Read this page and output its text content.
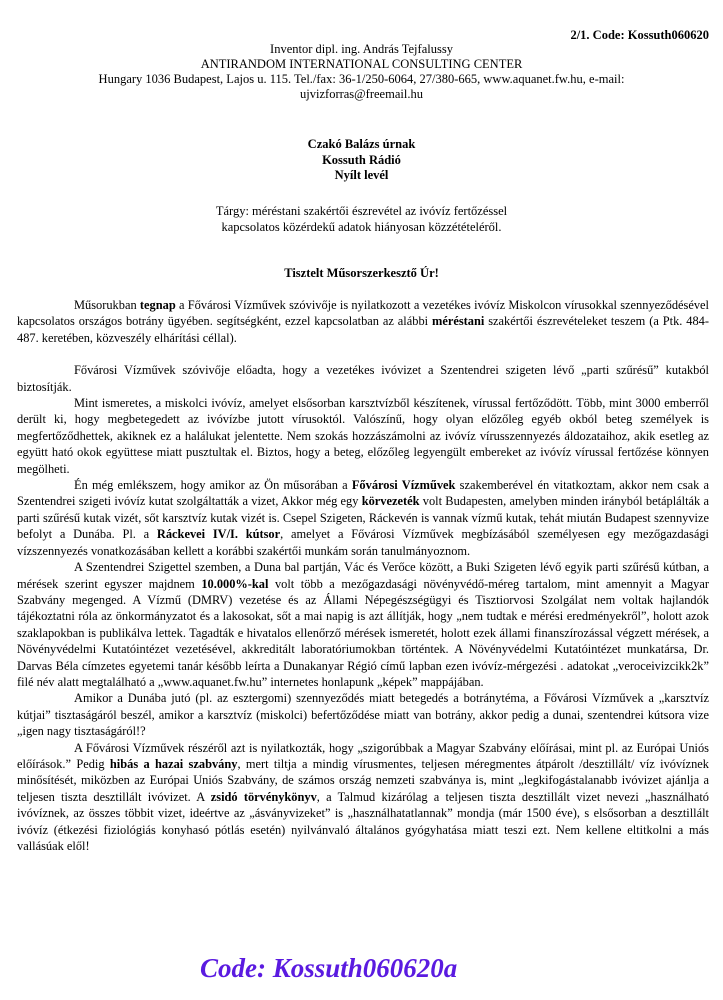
2/1. Code: Kossuth060620
Inventor dipl. ing. András Tejfalussy
ANTIRANDOM INTERNATIONAL CONSULTING CENTER
Hungary 1036 Budapest, Lajos u. 115. Tel./fax: 36-1/250-6064, 27/380-665, www.aquanet.fw.hu, e-mail:
ujvizforras@freemail.hu
Czakó Balázs úrnak
Kossuth Rádió
Nyílt levél
Tárgy: méréstani szakértői észrevétel az ivóvíz fertőzéssel
kapcsolatos közérdekű adatok hiányosan közzétételéről.
Tisztelt Műsorszerkesztő Úr!

Műsorukban tegnap a Fővárosi Vízművek szóvivője is nyilatkozott a vezetékes ivóvíz Miskolcon vírusokkal szennyeződésével kapcsolatos országos botrány ügyében. segítségként, ezzel kapcsolatban az alábbi méréstani szakértői észrevételeket teszem (a Ptk. 484-487. keretében, közveszély elhárítási céllal).

Fővárosi Vízművek szóvivője előadta, hogy a vezetékes ivóvizet a Szentendrei szigeten lévő „parti szűrésű” kutakból biztosítják.

Mint ismeretes, a miskolci ivóvíz, amelyet elsősorban karsztvízből készítenek, vírussal fertőződött. Több, mint 3000 emberről derült ki, hogy megbetegedett az ivóvízbe jutott vírusoktól. Valószínű, hogy olyan előzőleg egyéb okból beteg személyek is megfertőződhettek, akiknek ez a halálukat jelentette. Nem szokás hozzászámolni az ivóvíz vírusszennyezés áldozataihoz, akik esetleg az együtt ható okok együttese miatt pusztultak el. Biztos, hogy a beteg, előzőleg legyengült embereket az ivóvíz vírussal fertőzése könnyen megölheti.

Én még emlékszem, hogy amikor az Ön műsorában a Fővárosi Vízművek szakemberével én vitatkoztam, akkor nem csak a Szentendrei szigeti ivóvíz kutat szolgáltatták a vizet, Akkor még egy körvezeték volt Budapesten, amelyben minden irányból betáplálták a parti szűrésű kutak vizét, sőt karsztvíz kutak vizét is. Csepel Szigeten, Ráckevén is vannak vízmű kutak, tehát miután Budapest szennyvize befolyt a Dunába. Pl. a Ráckevei IV/I. kútsor, amelyet a Fővárosi Vízművek megbízásából személyesen egy mezőgazdasági vízszennyezés vonatkozásában kellett a korábbi szakértői munkám során tanulmányoznom.

A Szentendrei Szigettel szemben, a Duna bal partján, Vác és Verőce között, a Buki Szigeten lévő egyik parti szűrésű kútban, a mérések szerint egyszer majdnem 10.000%-kal volt több a mezőgazdasági növényvédő-méreg tartalom, mint amennyit a Magyar Szabvány megenged. A Vízmű (DMRV) vezetése és az Állami Népegészségügyi és Tisztiorvosi Szolgálat nem voltak hajlandók tájékoztatni róla az önkormányzatot és a lakosokat, sőt a mai napig is azt állítják, hogy „nem tudtak e mérési eredményekről”, holott azok szaklapokban is publikálva lettek. Tagadták e hivatalos ellenőrző mérések ismeretét, holott ezek állami finanszírozással végzett mérések, a Növényvédelmi Kutatóintézet vezetésével, akkreditált laboratóriumokban történtek. A Növényvédelmi Kutatóintézet munkatársa, Dr. Darvas Béla címzetes egyetemi tanár később leírta a Dunakanyar Régió című lapban ezen ivóvíz-mérgezési . adatokat „veroceivizcikk2k” filé név alatt megtalálható a „www.aquanet.fw.hu” internetes honlapunk „képek” mappájában.

Amikor a Dunába jutó (pl. az esztergomi) szennyeződés miatt betegedés a botránytéma, a Fővárosi Vízművek a „karsztvíz kútjai” tisztaságáról beszél, amikor a karsztvíz (miskolci) befertőződése miatt van botrány, akkor pedig a dunai, szentendrei kútsora vize „igen nagy tisztaságáról!?

A Fővárosi Vízművek részéről azt is nyilatkozták, hogy „szigorúbbak a Magyar Szabvány előírásai, mint pl. az Európai Uniós előírások.” Pedig hibás a hazai szabvány, mert tiltja a mindig vírusmentes, teljesen méregmentes átpárolt /desztillált/ víz ivóvíznek minősítését, miközben az Európai Uniós Szabvány, de számos ország nemzeti szabványa is, mint „legkifogástalanabb ivóvizet ajánlja a teljesen tiszta desztillált ivóvizet. A zsidó törvénykönyv, a Talmud kizárólag a teljesen tiszta desztillált vizet nevezi „használható ivóvíznek, az összes többit vizet, ideértve az „ásványvizeket” is „használhatatlannak” mondja (már 1500 éve), s elsősorban a desztillált ivóvíz (étkezési fiziológiás konyhasó pótlás esetén) nyilvánvaló általános gyógyhatása miatt teszi ezt. Nem kellene eltitkolni a más vallásúak elől!

Code: Kossuth060620a
